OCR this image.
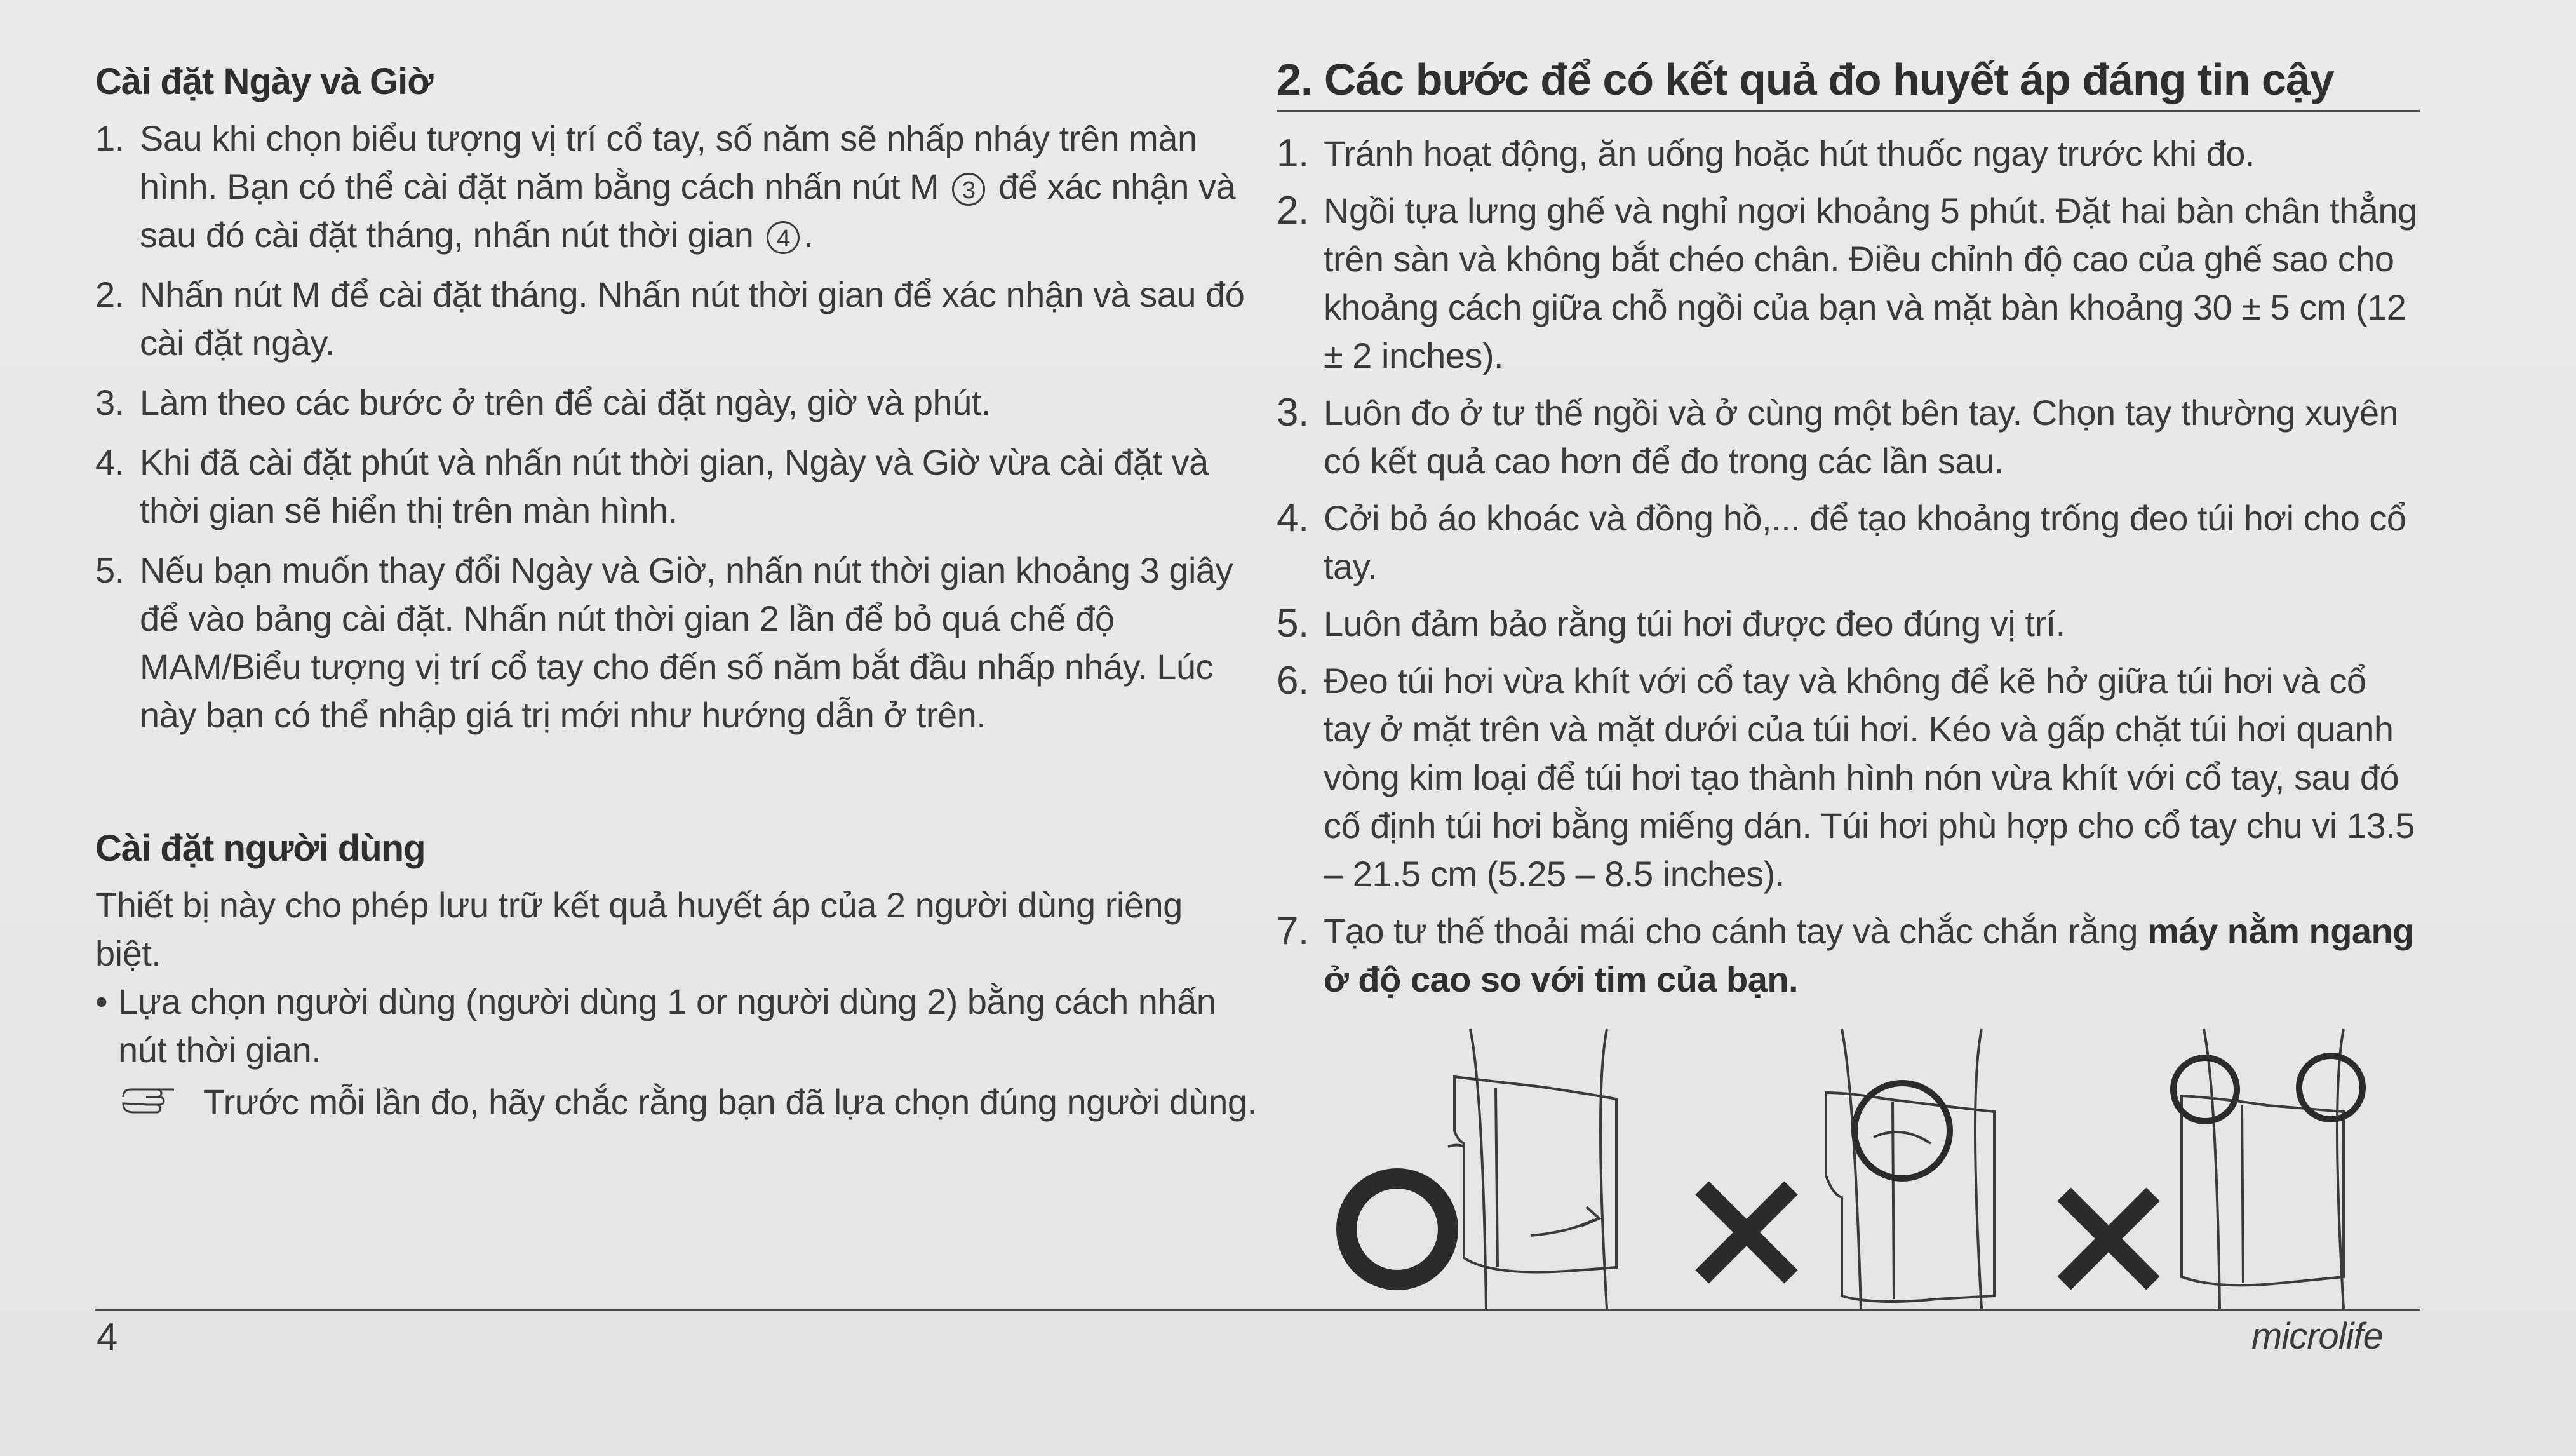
Cài đặt Ngày và Giờ
1. Sau khi chọn biểu tượng vị trí cổ tay, số năm sẽ nhấp nháy trên màn hình. Bạn có thể cài đặt năm bằng cách nhấn nút M 3 để xác nhận và sau đó cài đặt tháng, nhấn nút thời gian 4 .
2. Nhấn nút M để cài đặt tháng. Nhấn nút thời gian để xác nhận và sau đó cài đặt ngày.
3. Làm theo các bước ở trên để cài đặt ngày, giờ và phút.
4. Khi đã cài đặt phút và nhấn nút thời gian, Ngày và Giờ vừa cài đặt và thời gian sẽ hiển thị trên màn hình.
5. Nếu bạn muốn thay đổi Ngày và Giờ, nhấn nút thời gian khoảng 3 giây để vào bảng cài đặt. Nhấn nút thời gian 2 lần để bỏ quá chế độ MAM/Biểu tượng vị trí cổ tay cho đến số năm bắt đầu nhấp nháy. Lúc này bạn có thể nhập giá trị mới như hướng dẫn ở trên.
Cài đặt người dùng

Thiết bị này cho phép lưu trữ kết quả huyết áp của 2 người dùng riêng biệt.

• Lựa chọn người dùng (người dùng 1 or người dùng 2) bằng cách nhấn nút thời gian.
Trước mỗi lần đo, hãy chắc rằng bạn đã lựa chọn đúng người dùng.
2. Các bước để có kết quả đo huyết áp đáng tin cậy
1. Tránh hoạt động, ăn uống hoặc hút thuốc ngay trước khi đo.
2. Ngồi tựa lưng ghế và nghỉ ngơi khoảng 5 phút. Đặt hai bàn chân thẳng trên sàn và không bắt chéo chân. Điều chỉnh độ cao của ghế sao cho khoảng cách giữa chỗ ngồi của bạn và mặt bàn khoảng 30 ± 5 cm (12 ± 2 inches).
3. Luôn đo ở tư thế ngồi và ở cùng một bên tay. Chọn tay thường xuyên có kết quả cao hơn để đo trong các lần sau.
4. Cởi bỏ áo khoác và đồng hồ,... để tạo khoảng trống đeo túi hơi cho cổ tay.
5. Luôn đảm bảo rằng túi hơi được đeo đúng vị trí.
6. Đeo túi hơi vừa khít với cổ tay và không để kẽ hở giữa túi hơi và cổ tay ở mặt trên và mặt dưới của túi hơi. Kéo và gấp chặt túi hơi quanh vòng kim loại để túi hơi tạo thành hình nón vừa khít với cổ tay, sau đó cố định túi hơi bằng miếng dán. Túi hơi phù hợp cho cổ tay chu vi 13.5 – 21.5 cm (5.25 – 8.5 inches).
7. Tạo tư thế thoải mái cho cánh tay và chắc chắn rằng máy nằm ngang ở độ cao so với tim của bạn.
4	microlife
